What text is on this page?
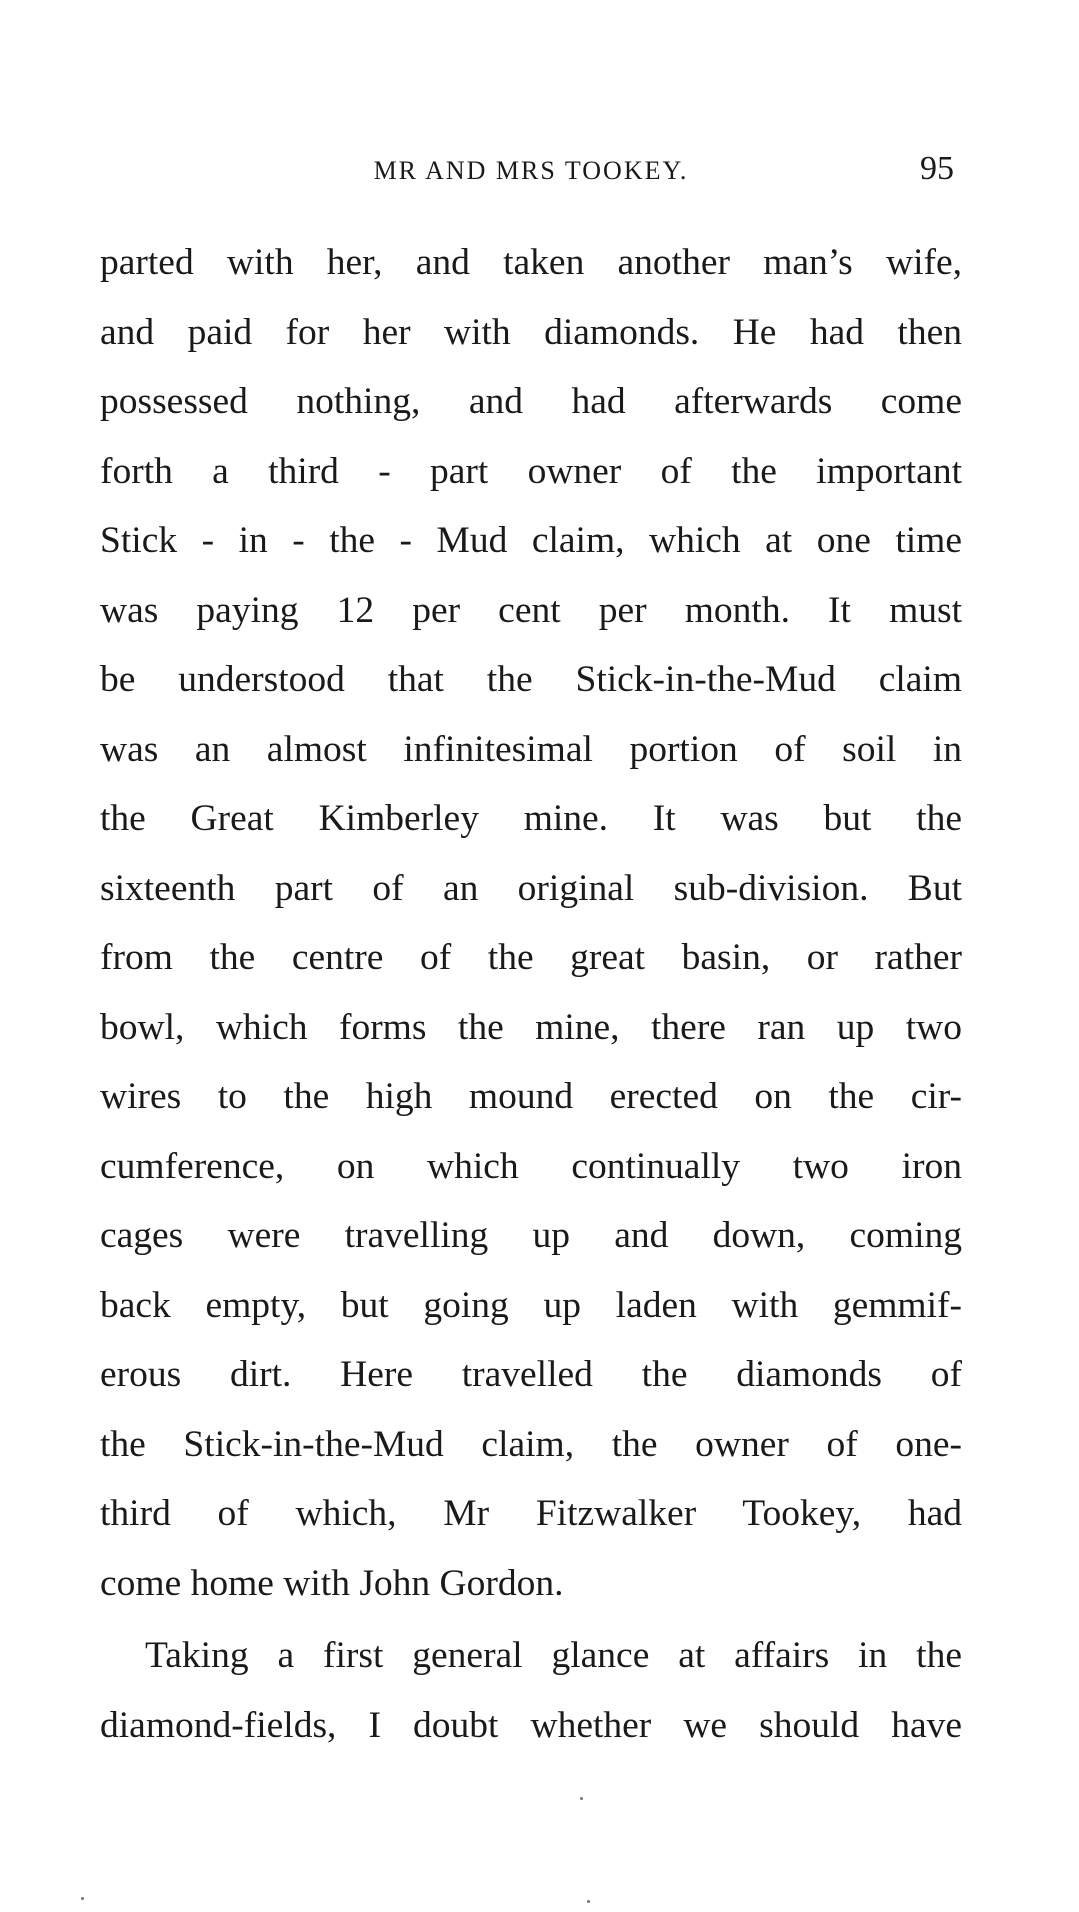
MR AND MRS TOOKEY.	95
parted with her, and taken another man’s wife,
and paid for her with diamonds. He had then
possessed nothing, and had afterwards come
forth a third - part owner of the important
Stick - in - the - Mud claim, which at one time
was paying 12 per cent per month. It must
be understood that the Stick-in-the-Mud claim
was an almost infinitesimal portion of soil in
the Great Kimberley mine. It was but the
sixteenth part of an original sub-division. But
from the centre of the great basin, or rather
bowl, which forms the mine, there ran up two
wires to the high mound erected on the cir-
cumference, on which continually two iron
cages were travelling up and down, coming
back empty, but going up laden with gemmif-
erous dirt. Here travelled the diamonds of
the Stick-in-the-Mud claim, the owner of one-
third of which, Mr Fitzwalker Tookey, had
come home with John Gordon.
Taking a first general glance at affairs in the
diamond-fields, I doubt whether we should have
